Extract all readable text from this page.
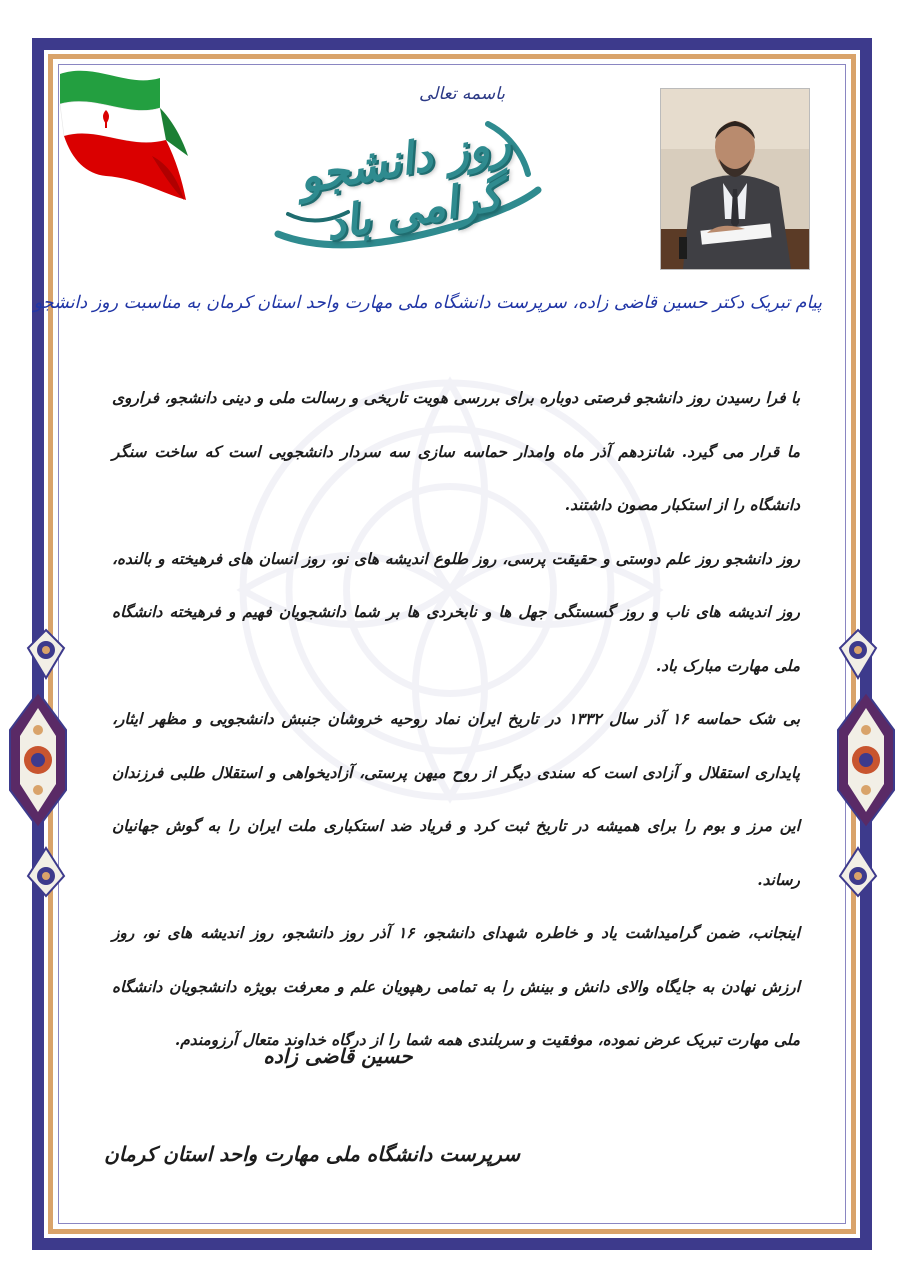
باسمه تعالی
روز دانشجو گرامی باد
پیام تبریک دکتر حسین قاضی زاده، سرپرست دانشگاه ملی مهارت واحد استان کرمان به مناسبت روز دانشجو

با فرا رسیدن روز دانشجو فرصتی دوباره برای بررسی هویت تاریخی و رسالت ملی و دینی دانشجو، فراروی ما قرار می گیرد. شانزدهم آذر ماه وامدار حماسه سازی سه سردار دانشجویی است که ساخت سنگر دانشگاه را از استکبار مصون داشتند.

روز دانشجو روز علم دوستی و حقیقت پرسی، روز طلوع اندیشه های نو، روز انسان های فرهیخته و بالنده، روز اندیشه های ناب و روز گسستگی جهل ها و نابخردی ها بر شما دانشجویان فهیم و فرهیخته دانشگاه ملی مهارت مبارک باد.

بی شک حماسه ۱۶ آذر سال ۱۳۳۲ در تاریخ ایران نماد روحیه خروشان جنبش دانشجویی و مظهر ایثار، پایداری استقلال و آزادی است که سندی دیگر از روح میهن پرستی، آزادیخواهی و استقلال طلبی فرزندان این مرز و بوم را برای همیشه در تاریخ ثبت کرد و فریاد ضد استکباری ملت ایران را به گوش جهانیان رساند.

اینجانب، ضمن گرامیداشت یاد و خاطره شهدای دانشجو، ۱۶ آذر روز دانشجو، روز اندیشه های نو، روز ارزش نهادن به جایگاه والای دانش و بینش را به تمامی رهپویان علم و معرفت بویژه دانشجویان دانشگاه ملی مهارت تبریک عرض نموده، موفقیت و سربلندی همه شما را از درگاه خداوند متعال آرزومندم.

حسین قاضی زاده
سرپرست دانشگاه ملی مهارت واحد استان کرمان
